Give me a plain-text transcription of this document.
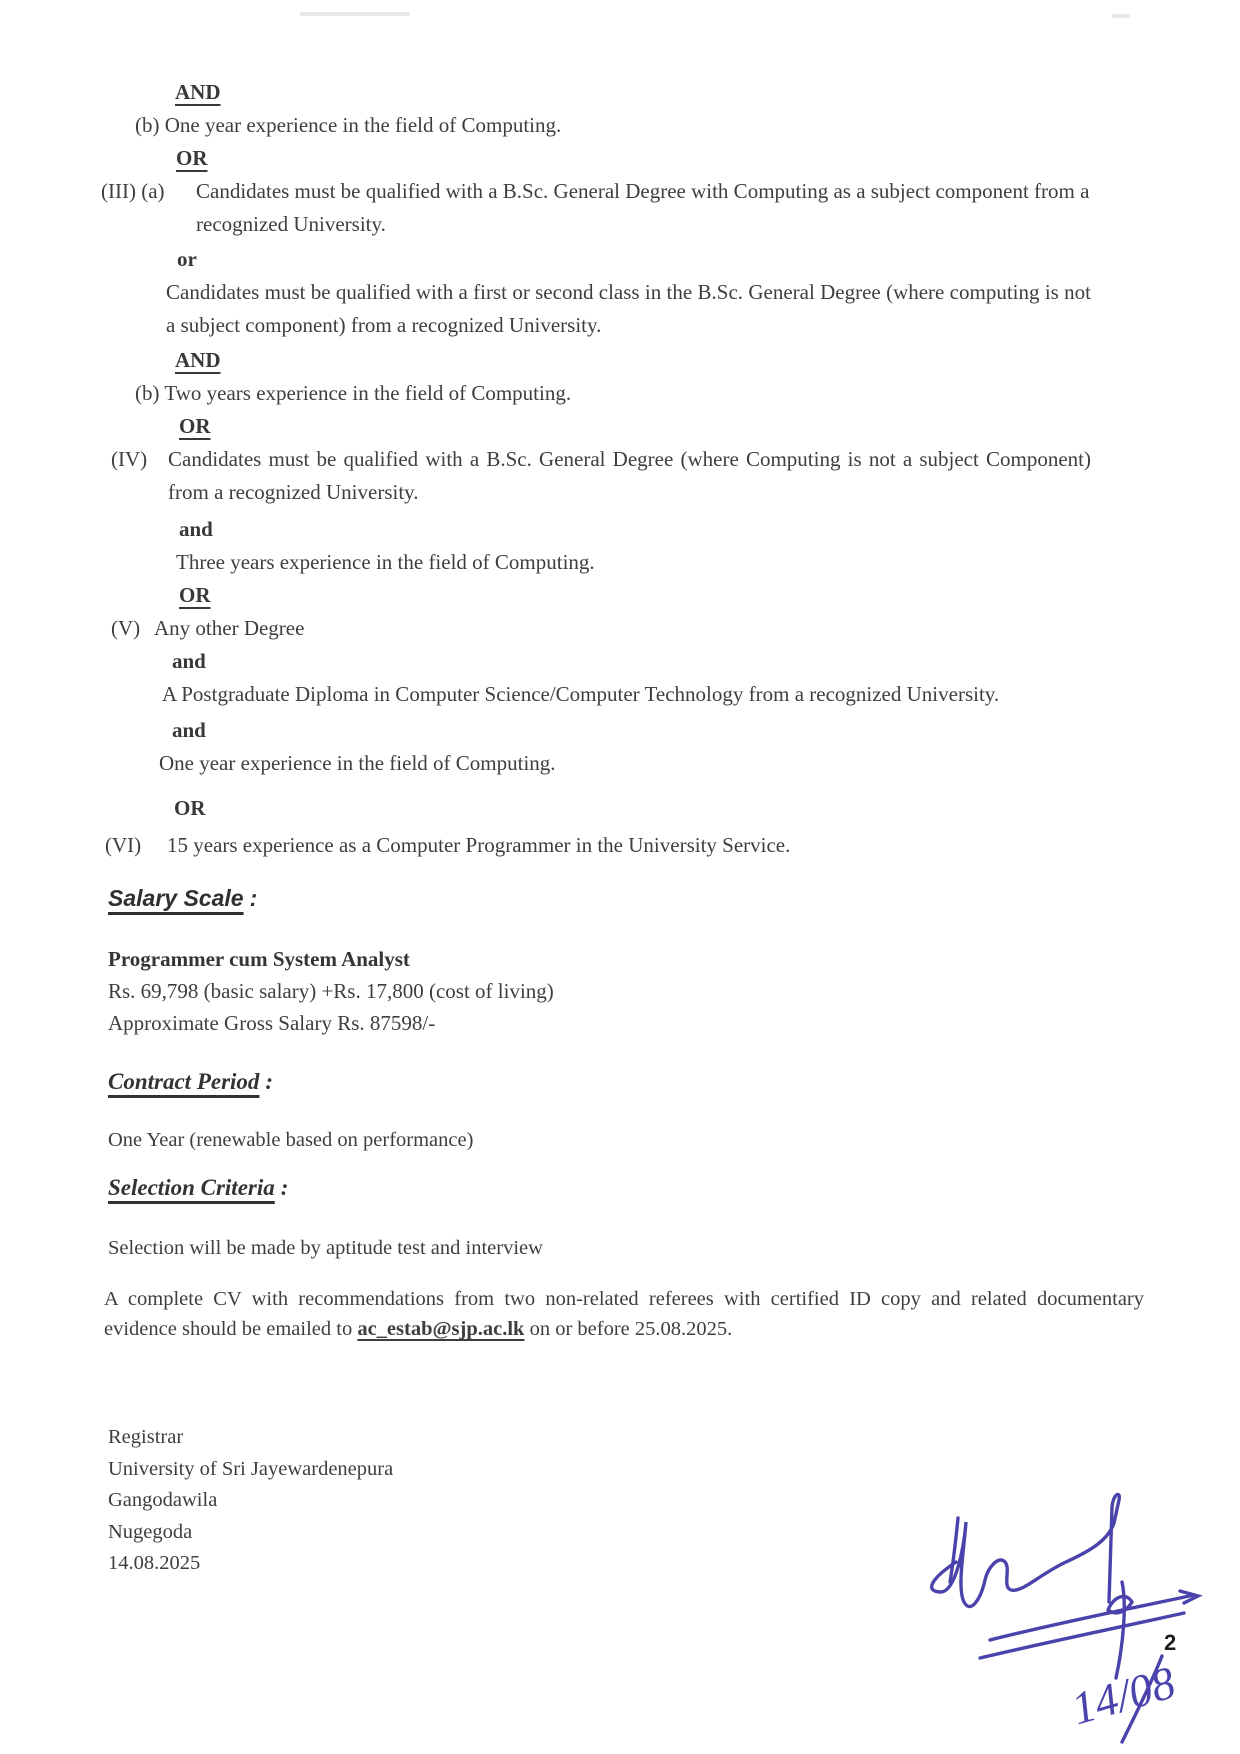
AND
(b) One year experience in the field of Computing.
OR
(III) (a)	Candidates must be qualified with a B.Sc. General Degree with Computing as a subject component from a recognized University.
or
Candidates must be qualified with a first or second class in the B.Sc. General Degree (where computing is not a subject component) from a recognized University.
AND
(b) Two years experience in the field of Computing.
OR
(IV) Candidates must be qualified with a B.Sc. General Degree (where Computing is not a subject Component) from a recognized University.
and
Three years experience in the field of Computing.
OR
(V) Any other Degree
and
A Postgraduate Diploma in Computer Science/Computer Technology from a recognized University.
and
One year experience in the field of Computing.
OR
(VI)	15 years experience as a Computer Programmer in the University Service.
Salary Scale :
Programmer cum System Analyst
Rs. 69,798 (basic salary) +Rs. 17,800 (cost of living)
Approximate Gross Salary Rs. 87598/-
Contract Period :
One Year (renewable based on performance)
Selection Criteria :
Selection will be made by aptitude test and interview

A complete CV with recommendations from two non-related referees with certified ID copy and related documentary evidence should be emailed to ac_estab@sjp.ac.lk on or before 25.08.2025.

Registrar
University of Sri Jayewardenepura
Gangodawila
Nugegoda
14.08.2025
14/08
2
